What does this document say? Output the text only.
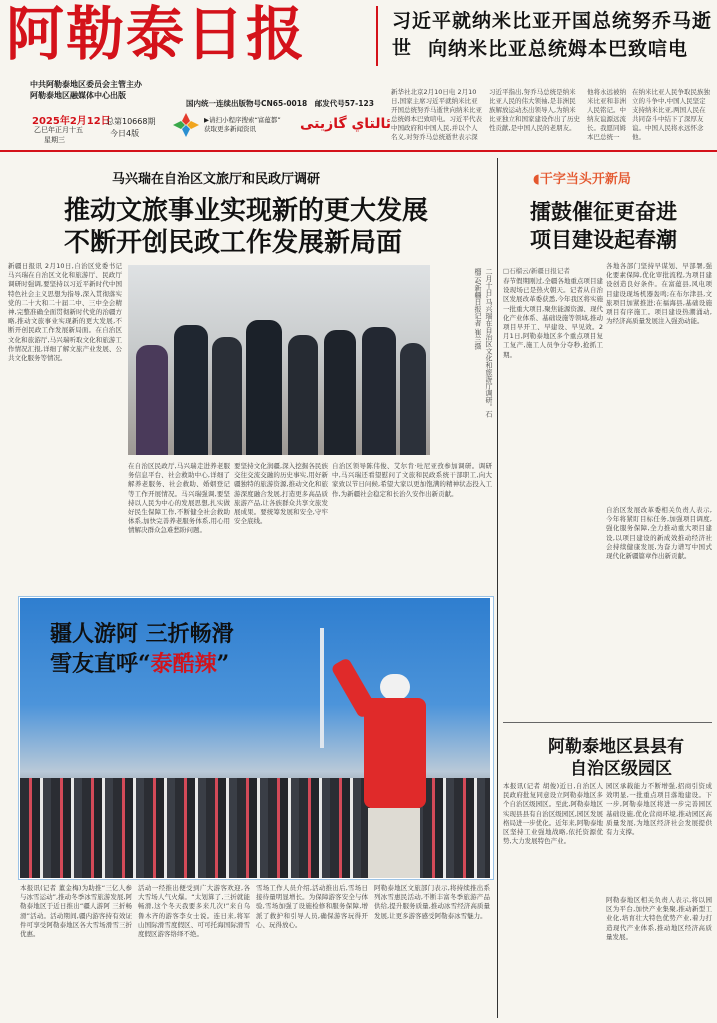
阿勒泰日报	习近平就纳米比亚开国总统努乔马逝世 向纳米比亚总统姆本巴致唁电
中共阿勒泰地区委员会主管主办
阿勒泰地区融媒体中心出版
2025年2月12日
乙巳年正月十五
星期三
总第10668期
今日4版
国内统一连续出版物号CN65-0018　邮发代号57-123
▶请扫小程序搜索“富蕴都”
获取更多新闻资讯	ئالتاي گازيتى
新华社北京2月10日电 2月10日,国家主席习近平就纳米比亚开国总统努乔马逝世向纳米比亚总统姆本巴致唁电。习近平代表中国政府和中国人民,并以个人名义,对努乔马总统逝世表示深
习近平指出,努乔马总统是纳米比亚人民的伟大领袖,是非洲民族解放运动杰出领导人,为纳米比亚独立和国家建设作出了历史性贡献,是中国人民的老朋友。
他将永远被纳米比亚和非洲人民铭记。中纳友谊源远流长。我愿同姆本巴总统一
在纳米比亚人民争取民族独立的斗争中,中国人民坚定支持纳米比亚,两国人民在共同奋斗中结下了深厚友谊。中国人民将永远怀念他。
马兴瑞在自治区文旅厅和民政厅调研
推动文旅事业实现新的更大发展
不断开创民政工作发展新局面
新疆日报讯 2月10日,自治区党委书记马兴瑞在自治区文化和旅游厅、民政厅调研时强调,要坚持以习近平新时代中国特色社会主义思想为指导,深入贯彻落实党的二十大和二十届二中、三中全会精神,完整准确全面贯彻新时代党的治疆方略,推动文旅事业实现新的更大发展,不断开创民政工作发展新局面。在自治区文化和旅游厅,马兴瑞听取文化和旅游工作情况汇报,详细了解文旅产业发展、公共文化服务等情况。	二月十日,马兴瑞在自治区文化和旅游厅调研。石榴云/新疆日报记者 崔兰摄
在自治区民政厅,马兴瑞走进养老服务信息平台、社会救助中心,详细了解养老服务、社会救助、婚姻登记等工作开展情况。马兴瑞强调,要坚持以人民为中心的发展思想,扎实做好民生保障工作,不断健全社会救助体系,加快完善养老服务体系,用心用情解决群众急难愁盼问题。
要坚持文化润疆,深入挖掘各民族交往交流交融的历史事实,用好新疆独特的旅游资源,推动文化和旅游深度融合发展,打造更多高品质旅游产品,让各族群众共享文旅发展成果。要统筹发展和安全,守牢安全底线。
自治区领导陈伟俊、艾尔肯·吐尼亚孜参加调研。调研中,马兴瑞还看望慰问了文旅和民政系统干部职工,向大家致以节日问候,希望大家以更加饱满的精神状态投入工作,为新疆社会稳定和长治久安作出新贡献。
◖干字当头开新局
擂鼓催征更奋进
项目建设起春潮
□石榴云/新疆日报记者
春节假期刚过,全疆各地重点项目建设现场已是热火朝天。记者从自治区发展改革委获悉,今年我区将实施一批重大项目,聚焦能源资源、现代化产业体系、基础设施等领域,推动项目早开工、早建设、早见效。2月1日,阿勒泰地区多个重点项目复工复产,施工人员争分夺秒,抢抓工期。
各地各部门坚持早谋划、早部署,强化要素保障,优化审批流程,为项目建设创造良好条件。在富蕴县,风电项目建设现场机器轰鸣;在布尔津县,文旅项目加紧推进;在福海县,基础设施项目有序施工。项目建设热潮涌动,为经济高质量发展注入强劲动能。
自治区发展改革委相关负责人表示,今年将紧盯目标任务,加强项目调度,强化服务保障,全力推动重大项目建设,以项目建设的新成效推动经济社会持续健康发展,为奋力谱写中国式现代化新疆篇章作出新贡献。
阿勒泰地区县县有
自治区级园区
本报讯(记者 胡俊)近日,自治区人民政府批复同意设立阿勒泰地区多个自治区级园区。至此,阿勒泰地区实现县县有自治区级园区,园区发展格局进一步优化。近年来,阿勒泰地区坚持工业强地战略,依托资源优势,大力发展特色产业。
园区承载能力不断增强,招商引资成效明显,一批重点项目落地建设。下一步,阿勒泰地区将进一步完善园区基础设施,优化营商环境,推动园区高质量发展,为地区经济社会发展提供有力支撑。
阿勒泰地区相关负责人表示,将以园区为平台,加快产业集聚,推动新型工业化,培育壮大特色优势产业,着力打造现代产业体系,推动地区经济高质量发展。
疆人游阿 三折畅滑
雪友直呼“泰酷辣”
本报讯(记者 董金梅)为助推“三亿人参与冰雪运动”,推动冬季冰雪旅游发展,阿勒泰地区于近日推出“疆人游阿 三折畅滑”活动。活动期间,疆内游客持有效证件可享受阿勒泰地区各大雪场滑雪三折优惠。
活动一经推出便受到广大游客欢迎,各大雪场人气火爆。“太划算了,三折就能畅滑,这个冬天我要多来几次!”来自乌鲁木齐的游客李女士说。连日来,将军山国际滑雪度假区、可可托海国际滑雪度假区游客络绎不绝。
雪场工作人员介绍,活动推出后,雪场日接待量明显增长。为保障游客安全与体验,雪场加强了设施检修和服务保障,增派了救护和引导人员,确保游客玩得开心、玩得放心。
阿勒泰地区文旅部门表示,将持续推出系列冰雪惠民活动,不断丰富冬季旅游产品供给,提升服务质量,推动冰雪经济高质量发展,让更多游客感受阿勒泰冰雪魅力。
